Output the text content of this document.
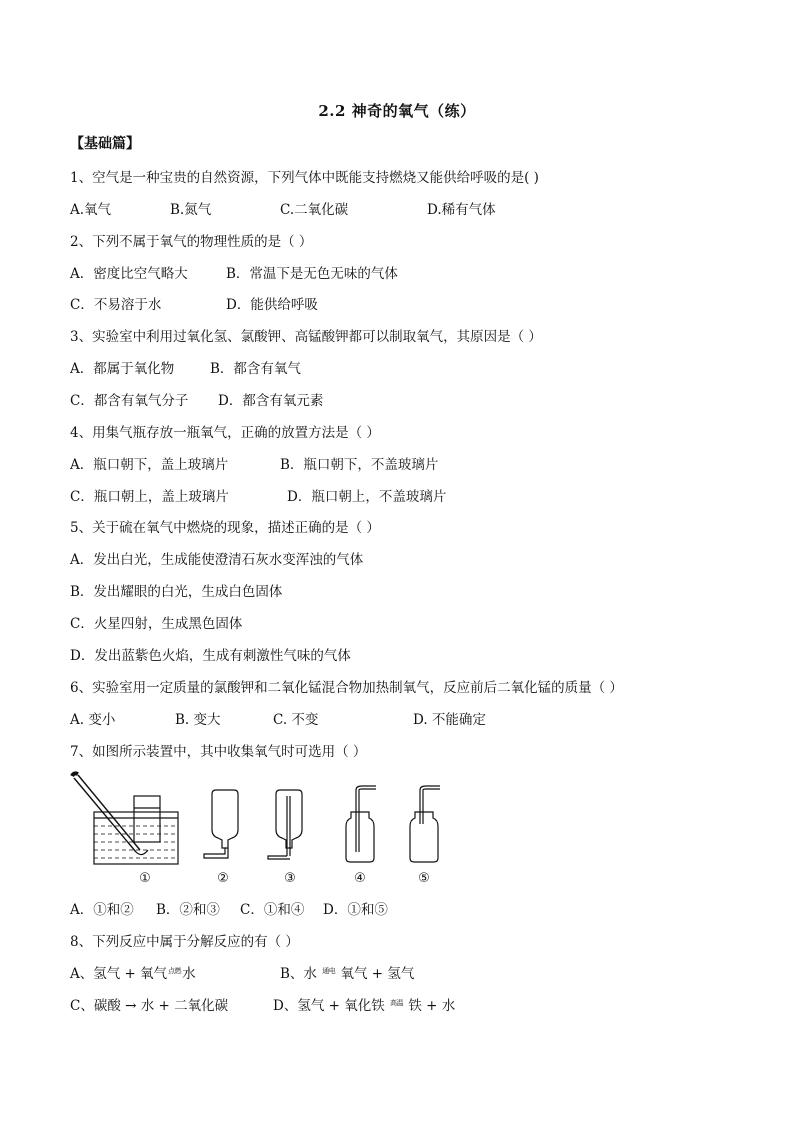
2.2 神奇的氧气（练）
【基础篇】
1、空气是一种宝贵的自然资源，下列气体中既能支持燃烧又能供给呼吸的是( )
A.氧气	B.氮气	C.二氧化碳	D.稀有气体
2、下列不属于氧气的物理性质的是（ ）
A．密度比空气略大	B．常温下是无色无味的气体
C．不易溶于水	D．能供给呼吸
3、实验室中利用过氧化氢、氯酸钾、高锰酸钾都可以制取氧气，其原因是（ ）
A．都属于氧化物	B．都含有氧气
C．都含有氧气分子 D．都含有氧元素
4、用集气瓶存放一瓶氧气，正确的放置方法是（ ）
A．瓶口朝下，盖上玻璃片	B．瓶口朝下，不盖玻璃片
C．瓶口朝上，盖上玻璃片	D．瓶口朝上，不盖玻璃片
5、关于硫在氧气中燃烧的现象，描述正确的是（ ）
A．发出白光，生成能使澄清石灰水变浑浊的气体
B．发出耀眼的白光，生成白色固体
C．火星四射，生成黑色固体
D．发出蓝紫色火焰，生成有刺激性气味的气体
6、实验室用一定质量的氯酸钾和二氧化锰混合物加热制氧气，反应前后二氧化锰的质量（ ）
A. 变小	B. 变大	C. 不变	D. 不能确定
7、如图所示装置中，其中收集氧气时可选用（ ）
①	②	③	④	⑤
A．①和② B．②和③ C．①和④ D．①和⑤
8、下列反应中属于分解反应的有（ ）
A、氢气 + 氧气$^{点燃}$水	B、水 $^{通电}$ 氧气 + 氢气
C、碳酸 → 水 + 二氧化碳	D、氢气 + 氧化铁 $^{高温}$ 铁 + 水
